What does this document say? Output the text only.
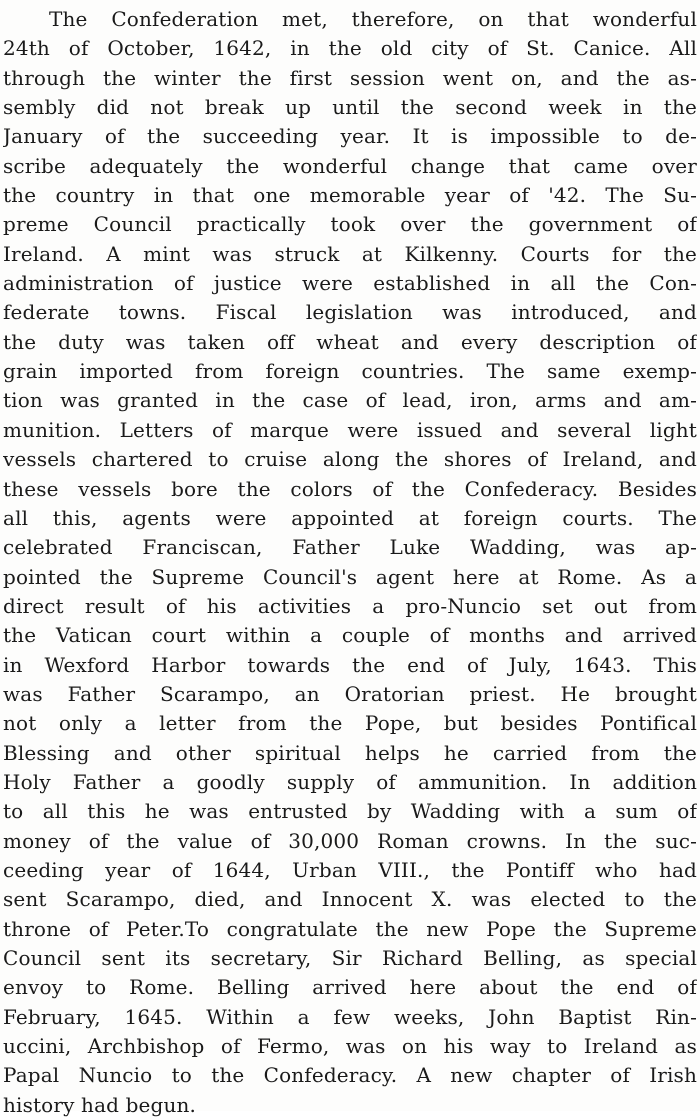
The Confederation met, therefore, on that wonderful
24th of October, 1642, in the old city of St. Canice. All
through the winter the first session went on, and the as-
sembly did not break up until the second week in the
January of the succeeding year. It is impossible to de-
scribe adequately the wonderful change that came over
the country in that one memorable year of '42. The Su-
preme Council practically took over the government of
Ireland. A mint was struck at Kilkenny. Courts for the
administration of justice were established in all the Con-
federate towns. Fiscal legislation was introduced, and
the duty was taken off wheat and every description of
grain imported from foreign countries. The same exemp-
tion was granted in the case of lead, iron, arms and am-
munition. Letters of marque were issued and several light
vessels chartered to cruise along the shores of Ireland, and
these vessels bore the colors of the Confederacy. Besides
all this, agents were appointed at foreign courts. The
celebrated Franciscan, Father Luke Wadding, was ap-
pointed the Supreme Council's agent here at Rome. As a
direct result of his activities a pro-Nuncio set out from
the Vatican court within a couple of months and arrived
in Wexford Harbor towards the end of July, 1643. This
was Father Scarampo, an Oratorian priest. He brought
not only a letter from the Pope, but besides Pontifical
Blessing and other spiritual helps he carried from the
Holy Father a goodly supply of ammunition. In addition
to all this he was entrusted by Wadding with a sum of
money of the value of 30,000 Roman crowns. In the suc-
ceeding year of 1644, Urban VIII., the Pontiff who had
sent Scarampo, died, and Innocent X. was elected to the
throne of Peter.To congratulate the new Pope the Supreme
Council sent its secretary, Sir Richard Belling, as special
envoy to Rome. Belling arrived here about the end of
February, 1645. Within a few weeks, John Baptist Rin-
uccini, Archbishop of Fermo, was on his way to Ireland as
Papal Nuncio to the Confederacy. A new chapter of Irish
history had begun.
